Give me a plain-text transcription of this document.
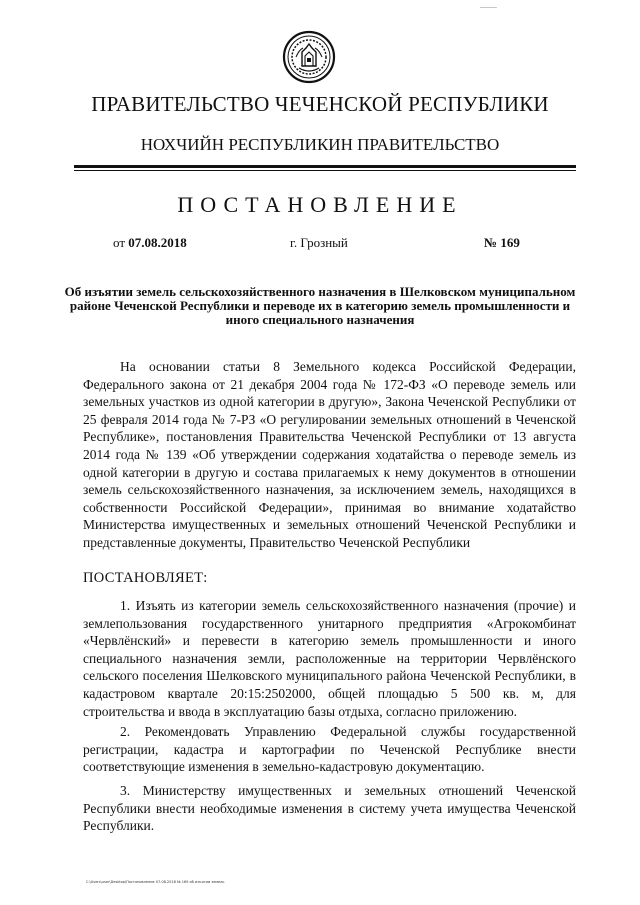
────────
ПРАВИТЕЛЬСТВО ЧЕЧЕНСКОЙ РЕСПУБЛИКИ
НОХЧИЙН РЕСПУБЛИКИН ПРАВИТЕЛЬСТВО
ПОСТАНОВЛЕНИЕ
от 07.08.2018	г. Грозный	№ 169
Об изъятии земель сельскохозяйственного назначения в Шелковском муниципальном районе Чеченской Республики и переводе их в категорию земель промышленности и иного специального назначения

На основании статьи 8 Земельного кодекса Российской Федерации, Федерального закона от 21 декабря 2004 года № 172-ФЗ «О переводе земель или земельных участков из одной категории в другую», Закона Чеченской Республики от 25 февраля 2014 года № 7-РЗ «О регулировании земельных отношений в Чеченской Республике», постановления Правительства Чеченской Республики от 13 августа 2014 года № 139 «Об утверждении содержания ходатайства о переводе земель из одной категории в другую и состава прилагаемых к нему документов в отношении земель сельскохозяйственного назначения, за исключением земель, находящихся в собственности Российской Федерации», принимая во внимание ходатайство Министерства имущественных и земельных отношений Чеченской Республики и представленные документы, Правительство Чеченской Республики

ПОСТАНОВЛЯЕТ:

1. Изъять из категории земель сельскохозяйственного назначения (прочие) и землепользования государственного унитарного предприятия «Агрокомбинат «Червлёнский» и перевести в категорию земель промышленности и иного специального назначения земли, расположенные на территории Червлёнского сельского поселения Шелковского муниципального района Чеченской Республики, в кадастровом квартале 20:15:2502000, общей площадью 5 500 кв. м, для строительства и ввода в эксплуатацию базы отдыха, согласно приложению.

2. Рекомендовать Управлению Федеральной службы государственной регистрации, кадастра и картографии по Чеченской Республике внести соответствующие изменения в земельно-кадастровую документацию.

3. Министерству имущественных и земельных отношений Чеченской Республики внести необходимые изменения в систему учета имущества Чеченской Республики.

C:\Users\user\Desktop\Постановление 07.08.2018 № 169 об изъятии земель
